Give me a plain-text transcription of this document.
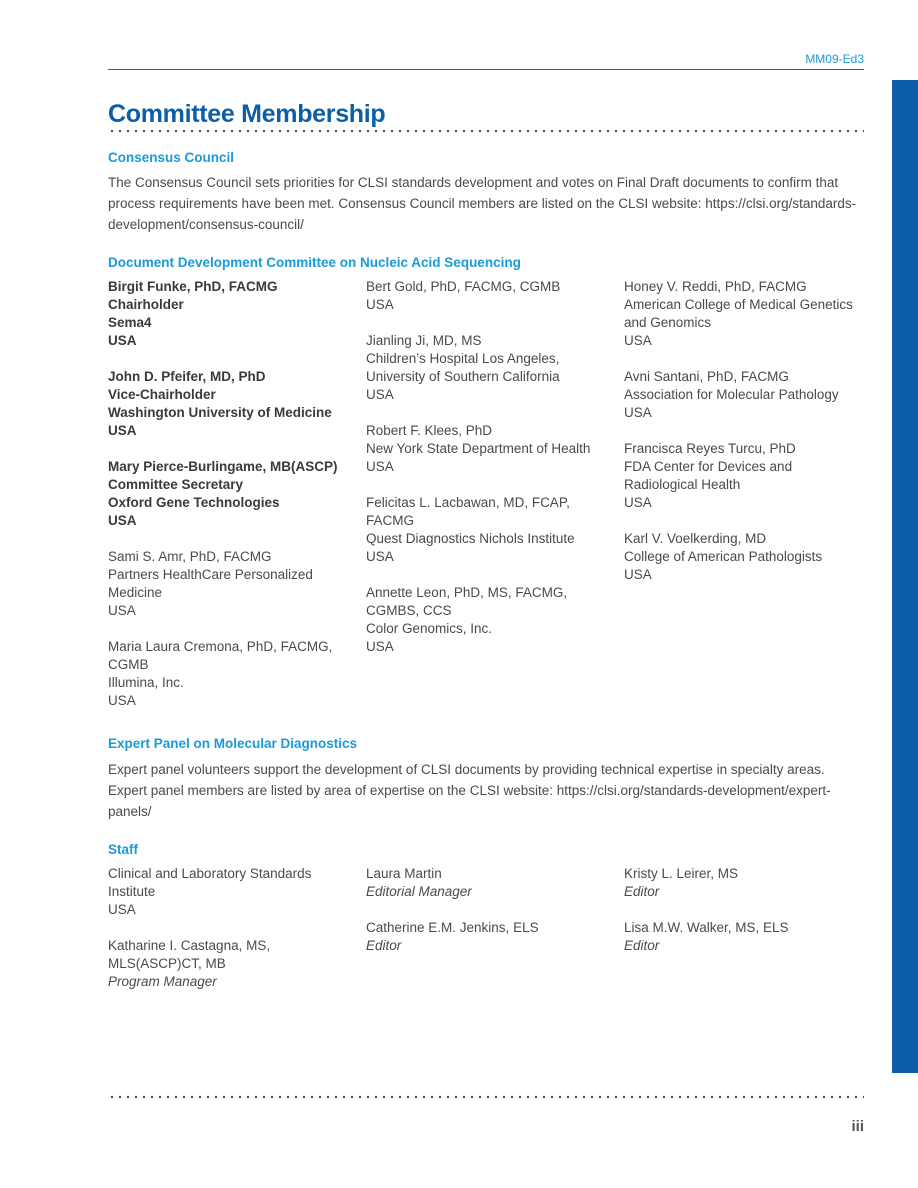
MM09-Ed3
Committee Membership
Consensus Council

The Consensus Council sets priorities for CLSI standards development and votes on Final Draft documents to confirm that process requirements have been met. Consensus Council members are listed on the CLSI website: https://clsi.org/standards-development/consensus-council/

Document Development Committee on Nucleic Acid Sequencing
Birgit Funke, PhD, FACMG
Chairholder
Sema4
USA
John D. Pfeifer, MD, PhD
Vice-Chairholder
Washington University of Medicine
USA
Mary Pierce-Burlingame, MB(ASCP)
Committee Secretary
Oxford Gene Technologies
USA
Sami S. Amr, PhD, FACMG
Partners HealthCare Personalized
Medicine
USA
Maria Laura Cremona, PhD, FACMG,
CGMB
Illumina, Inc.
USA
Bert Gold, PhD, FACMG, CGMB
USA
Jianling Ji, MD, MS
Children’s Hospital Los Angeles,
University of Southern California
USA
Robert F. Klees, PhD
New York State Department of Health
USA
Felicitas L. Lacbawan, MD, FCAP,
FACMG
Quest Diagnostics Nichols Institute
USA
Annette Leon, PhD, MS, FACMG,
CGMBS, CCS
Color Genomics, Inc.
USA
Honey V. Reddi, PhD, FACMG
American College of Medical Genetics
and Genomics
USA
Avni Santani, PhD, FACMG
Association for Molecular Pathology
USA
Francisca Reyes Turcu, PhD
FDA Center for Devices and
Radiological Health
USA
Karl V. Voelkerding, MD
College of American Pathologists
USA
Expert Panel on Molecular Diagnostics

Expert panel volunteers support the development of CLSI documents by providing technical expertise in specialty areas. Expert panel members are listed by area of expertise on the CLSI website: https://clsi.org/standards-development/expert-panels/

Staff
Clinical and Laboratory Standards
Institute
USA
Katharine I. Castagna, MS,
MLS(ASCP)CT, MB
Program Manager
Laura Martin
Editorial Manager
Catherine E.M. Jenkins, ELS
Editor
Kristy L. Leirer, MS
Editor
Lisa M.W. Walker, MS, ELS
Editor
iii
